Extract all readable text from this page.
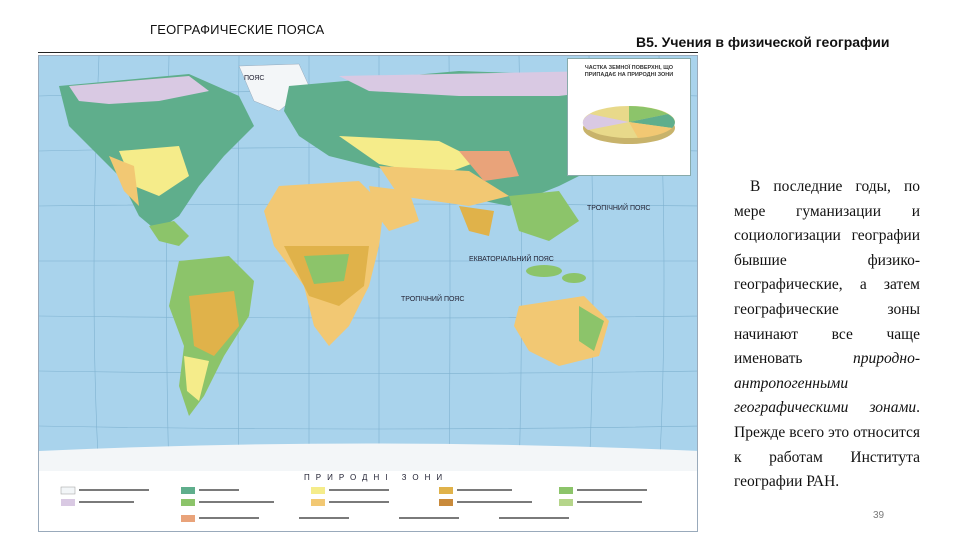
ГЕОГРАФИЧЕСКИЕ ПОЯСА
В5. Учения в физической географии
ПОЯС
ТРОПІЧНИЙ ПОЯС
ЕКВАТОРІАЛЬНИЙ ПОЯС
ТРОПІЧНИЙ ПОЯС
ЧАСТКА ЗЕМНОЇ ПОВЕРХНІ, ЩО ПРИПАДАЄ НА ПРИРОДНІ ЗОНИ
ПРИРОДНІ ЗОНИ

В последние годы, по мере гуманизации и социологизации географии бывшие физико-географические, а затем географические зоны начинают все чаще именовать природно-антропогенными географическими зонами. Прежде всего это относится к работам Института географии РАН.

39
